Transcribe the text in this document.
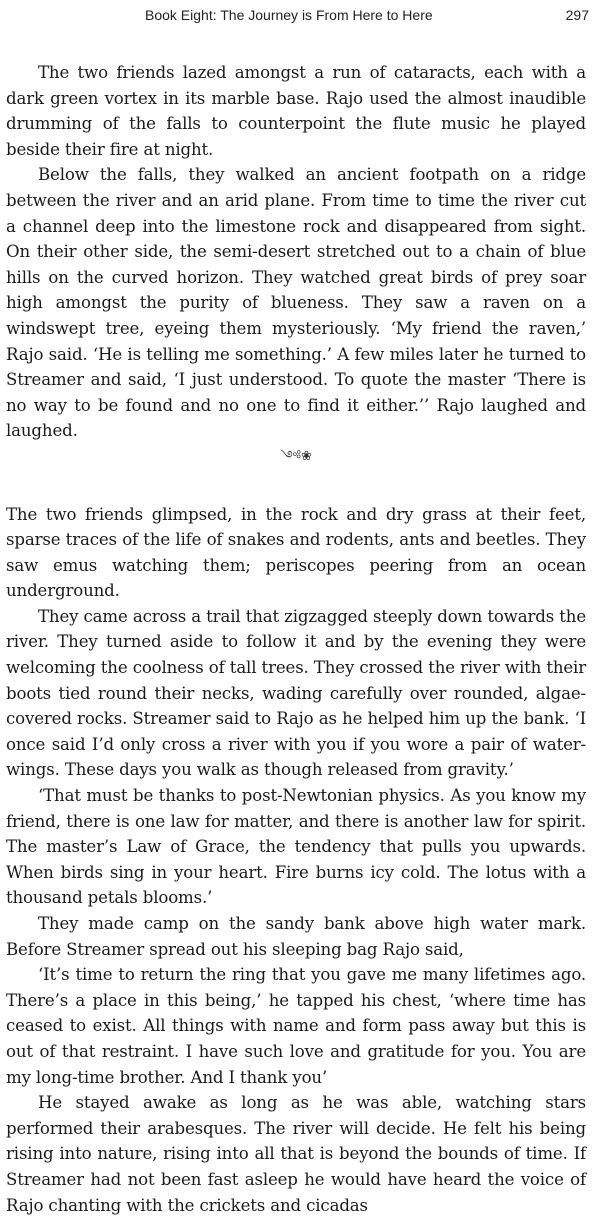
Book Eight: The Journey is From Here to Here	297

The two friends lazed amongst a run of cataracts, each with a dark green vortex in its marble base. Rajo used the almost inaudible drumming of the falls to counterpoint the flute music he played beside their fire at night.

Below the falls, they walked an ancient footpath on a ridge between the river and an arid plane. From time to time the river cut a channel deep into the limestone rock and disappeared from sight. On their other side, the semi-desert stretched out to a chain of blue hills on the curved horizon. They watched great birds of prey soar high amongst the purity of blueness. They saw a raven on a windswept tree, eyeing them mysteriously. ‘My friend the raven,’ Rajo said. ‘He is telling me something.’ A few miles later he turned to Streamer and said, ‘I just understood. To quote the master ‘There is no way to be found and no one to find it either.’’ Rajo laughed and laughed.

༺❀

The two friends glimpsed, in the rock and dry grass at their feet, sparse traces of the life of snakes and rodents, ants and beetles. They saw emus watching them; periscopes peering from an ocean underground.

They came across a trail that zigzagged steeply down towards the river. They turned aside to follow it and by the evening they were welcoming the coolness of tall trees. They crossed the river with their boots tied round their necks, wading carefully over rounded, algae-covered rocks. Streamer said to Rajo as he helped him up the bank. ‘I once said I’d only cross a river with you if you wore a pair of water-wings. These days you walk as though released from gravity.’

‘That must be thanks to post-Newtonian physics. As you know my friend, there is one law for matter, and there is another law for spirit. The master’s Law of Grace, the tendency that pulls you upwards. When birds sing in your heart. Fire burns icy cold. The lotus with a thousand petals blooms.’

They made camp on the sandy bank above high water mark. Before Streamer spread out his sleeping bag Rajo said,

‘It’s time to return the ring that you gave me many lifetimes ago. There’s a place in this being,’ he tapped his chest, ‘where time has ceased to exist. All things with name and form pass away but this is out of that restraint. I have such love and gratitude for you. You are my long-time brother. And I thank you’

He stayed awake as long as he was able, watching stars performed their arabesques. The river will decide. He felt his being rising into nature, rising into all that is beyond the bounds of time. If Streamer had not been fast asleep he would have heard the voice of Rajo chanting with the crickets and cicadas
